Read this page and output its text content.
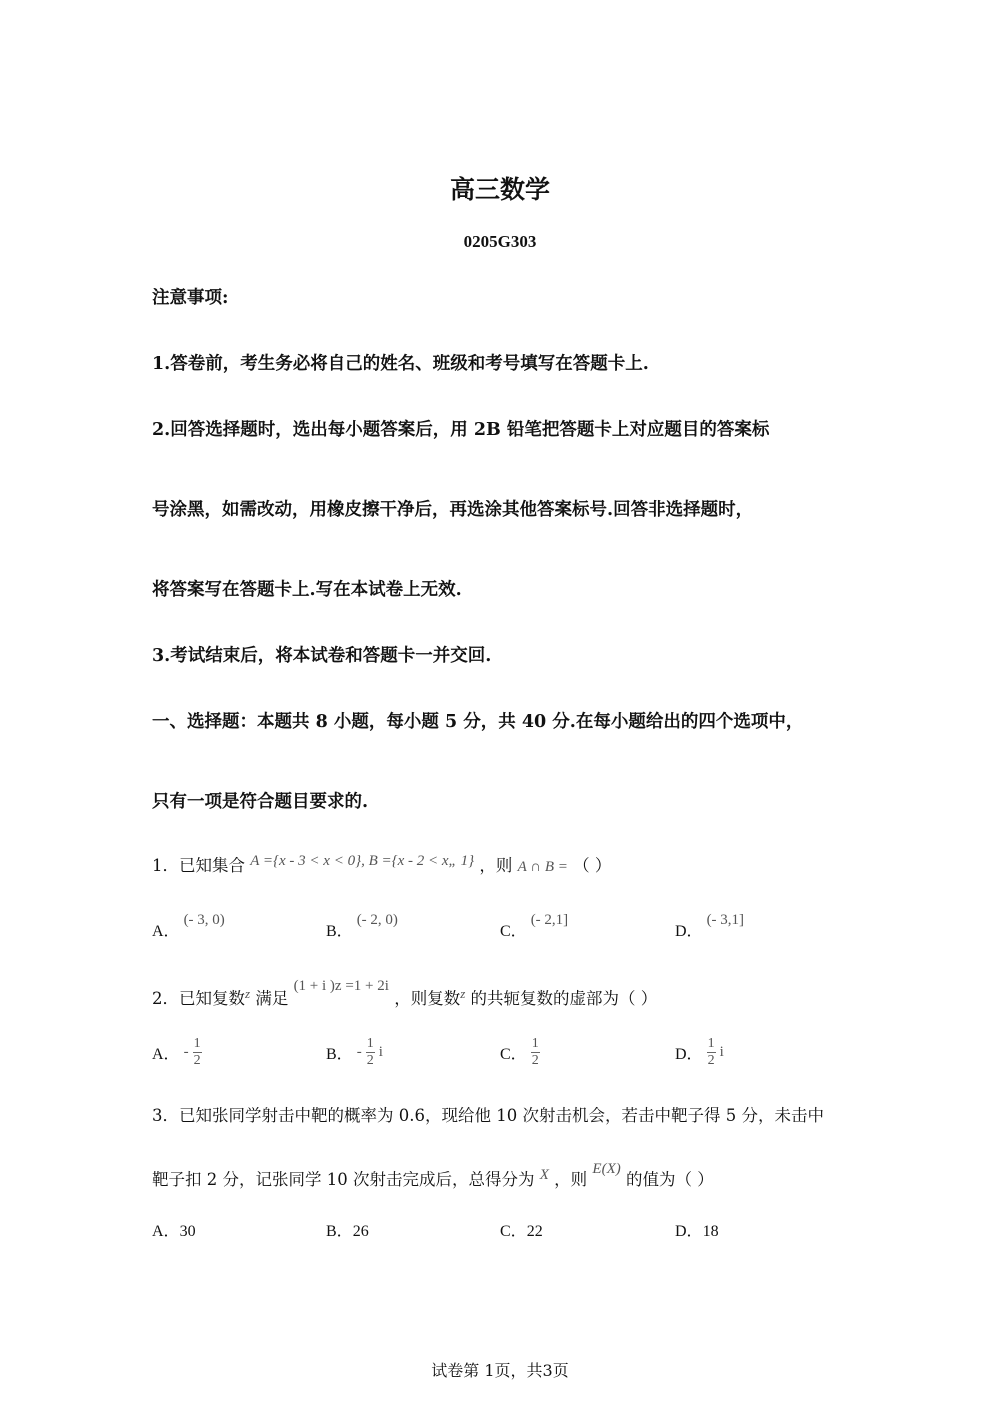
高三数学
0205G303
注意事项:
1.答卷前，考生务必将自己的姓名、班级和考号填写在答题卡上.
2.回答选择题时，选出每小题答案后，用 2B 铅笔把答题卡上对应题目的答案标
号涂黑，如需改动，用橡皮擦干净后，再选涂其他答案标号.回答非选择题时，
将答案写在答题卡上.写在本试卷上无效.
3.考试结束后，将本试卷和答题卡一并交回.
一、选择题：本题共 8 小题，每小题 5 分，共 40 分.在每小题给出的四个选项中，
只有一项是符合题目要求的.
1．已知集合 A ={x - 3 < x < 0}, B ={x - 2 < x„ 1} ，则 A ∩ B = （ ）
A．(- 3, 0)
B．(- 2, 0)
C．(- 2,1]
D．(- 3,1]
2．已知复数$^z$ 满足 (1 + i )z =1 + 2i ，则复数$^z$ 的共轭复数的虚部为（ ）
A． - $\frac{1}{2}$	B． - $\frac{1}{2}$ i	C． $\frac{1}{2}$	D． $\frac{1}{2}$ i
3．已知张同学射击中靶的概率为 0.6，现给他 10 次射击机会，若击中靶子得 5 分，未击中
靶子扣 2 分，记张同学 10 次射击完成后，总得分为 X ，则 E(X) 的值为（ ）
A．30	B．26	C．22	D．18
试卷第 1页，共3页
